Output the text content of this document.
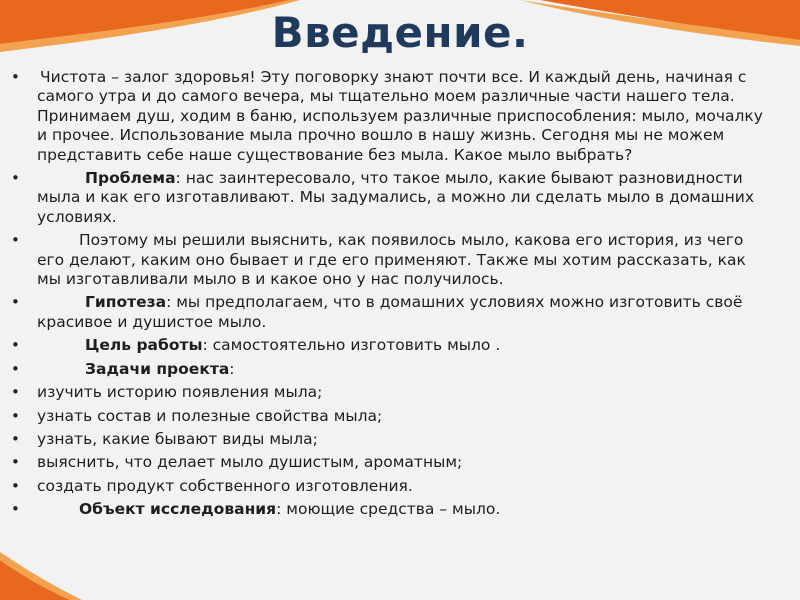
Введение.
• Чистота – залог здоровья! Эту поговорку знают почти все. И каждый день, начиная с самого утра и до самого вечера, мы тщательно моем различные части нашего тела. Принимаем душ, ходим в баню, используем различные приспособления: мыло, мочалку и прочее. Использование мыла прочно вошло в нашу жизнь. Сегодня мы не можем представить себе наше существование без мыла. Какое мыло выбрать?
• Проблема: нас заинтересовало, что такое мыло, какие бывают разновидности мыла и как его изготавливают. Мы задумались, а можно ли сделать мыло в домашних условиях.
• Поэтому мы решили выяснить, как появилось мыло, какова его история, из чего его делают, каким оно бывает и где его применяют. Также мы хотим рассказать, как мы изготавливали мыло в и какое оно у нас получилось.
• Гипотеза: мы предполагаем, что в домашних условиях можно изготовить своё красивое и душистое мыло.
• Цель работы: самостоятельно изготовить мыло .
• Задачи проекта:
• изучить историю появления мыла;
• узнать состав и полезные свойства мыла;
• узнать, какие бывают виды мыла;
• выяснить, что делает мыло душистым, ароматным;
• создать продукт собственного изготовления.
• Объект исследования: моющие средства – мыло.
